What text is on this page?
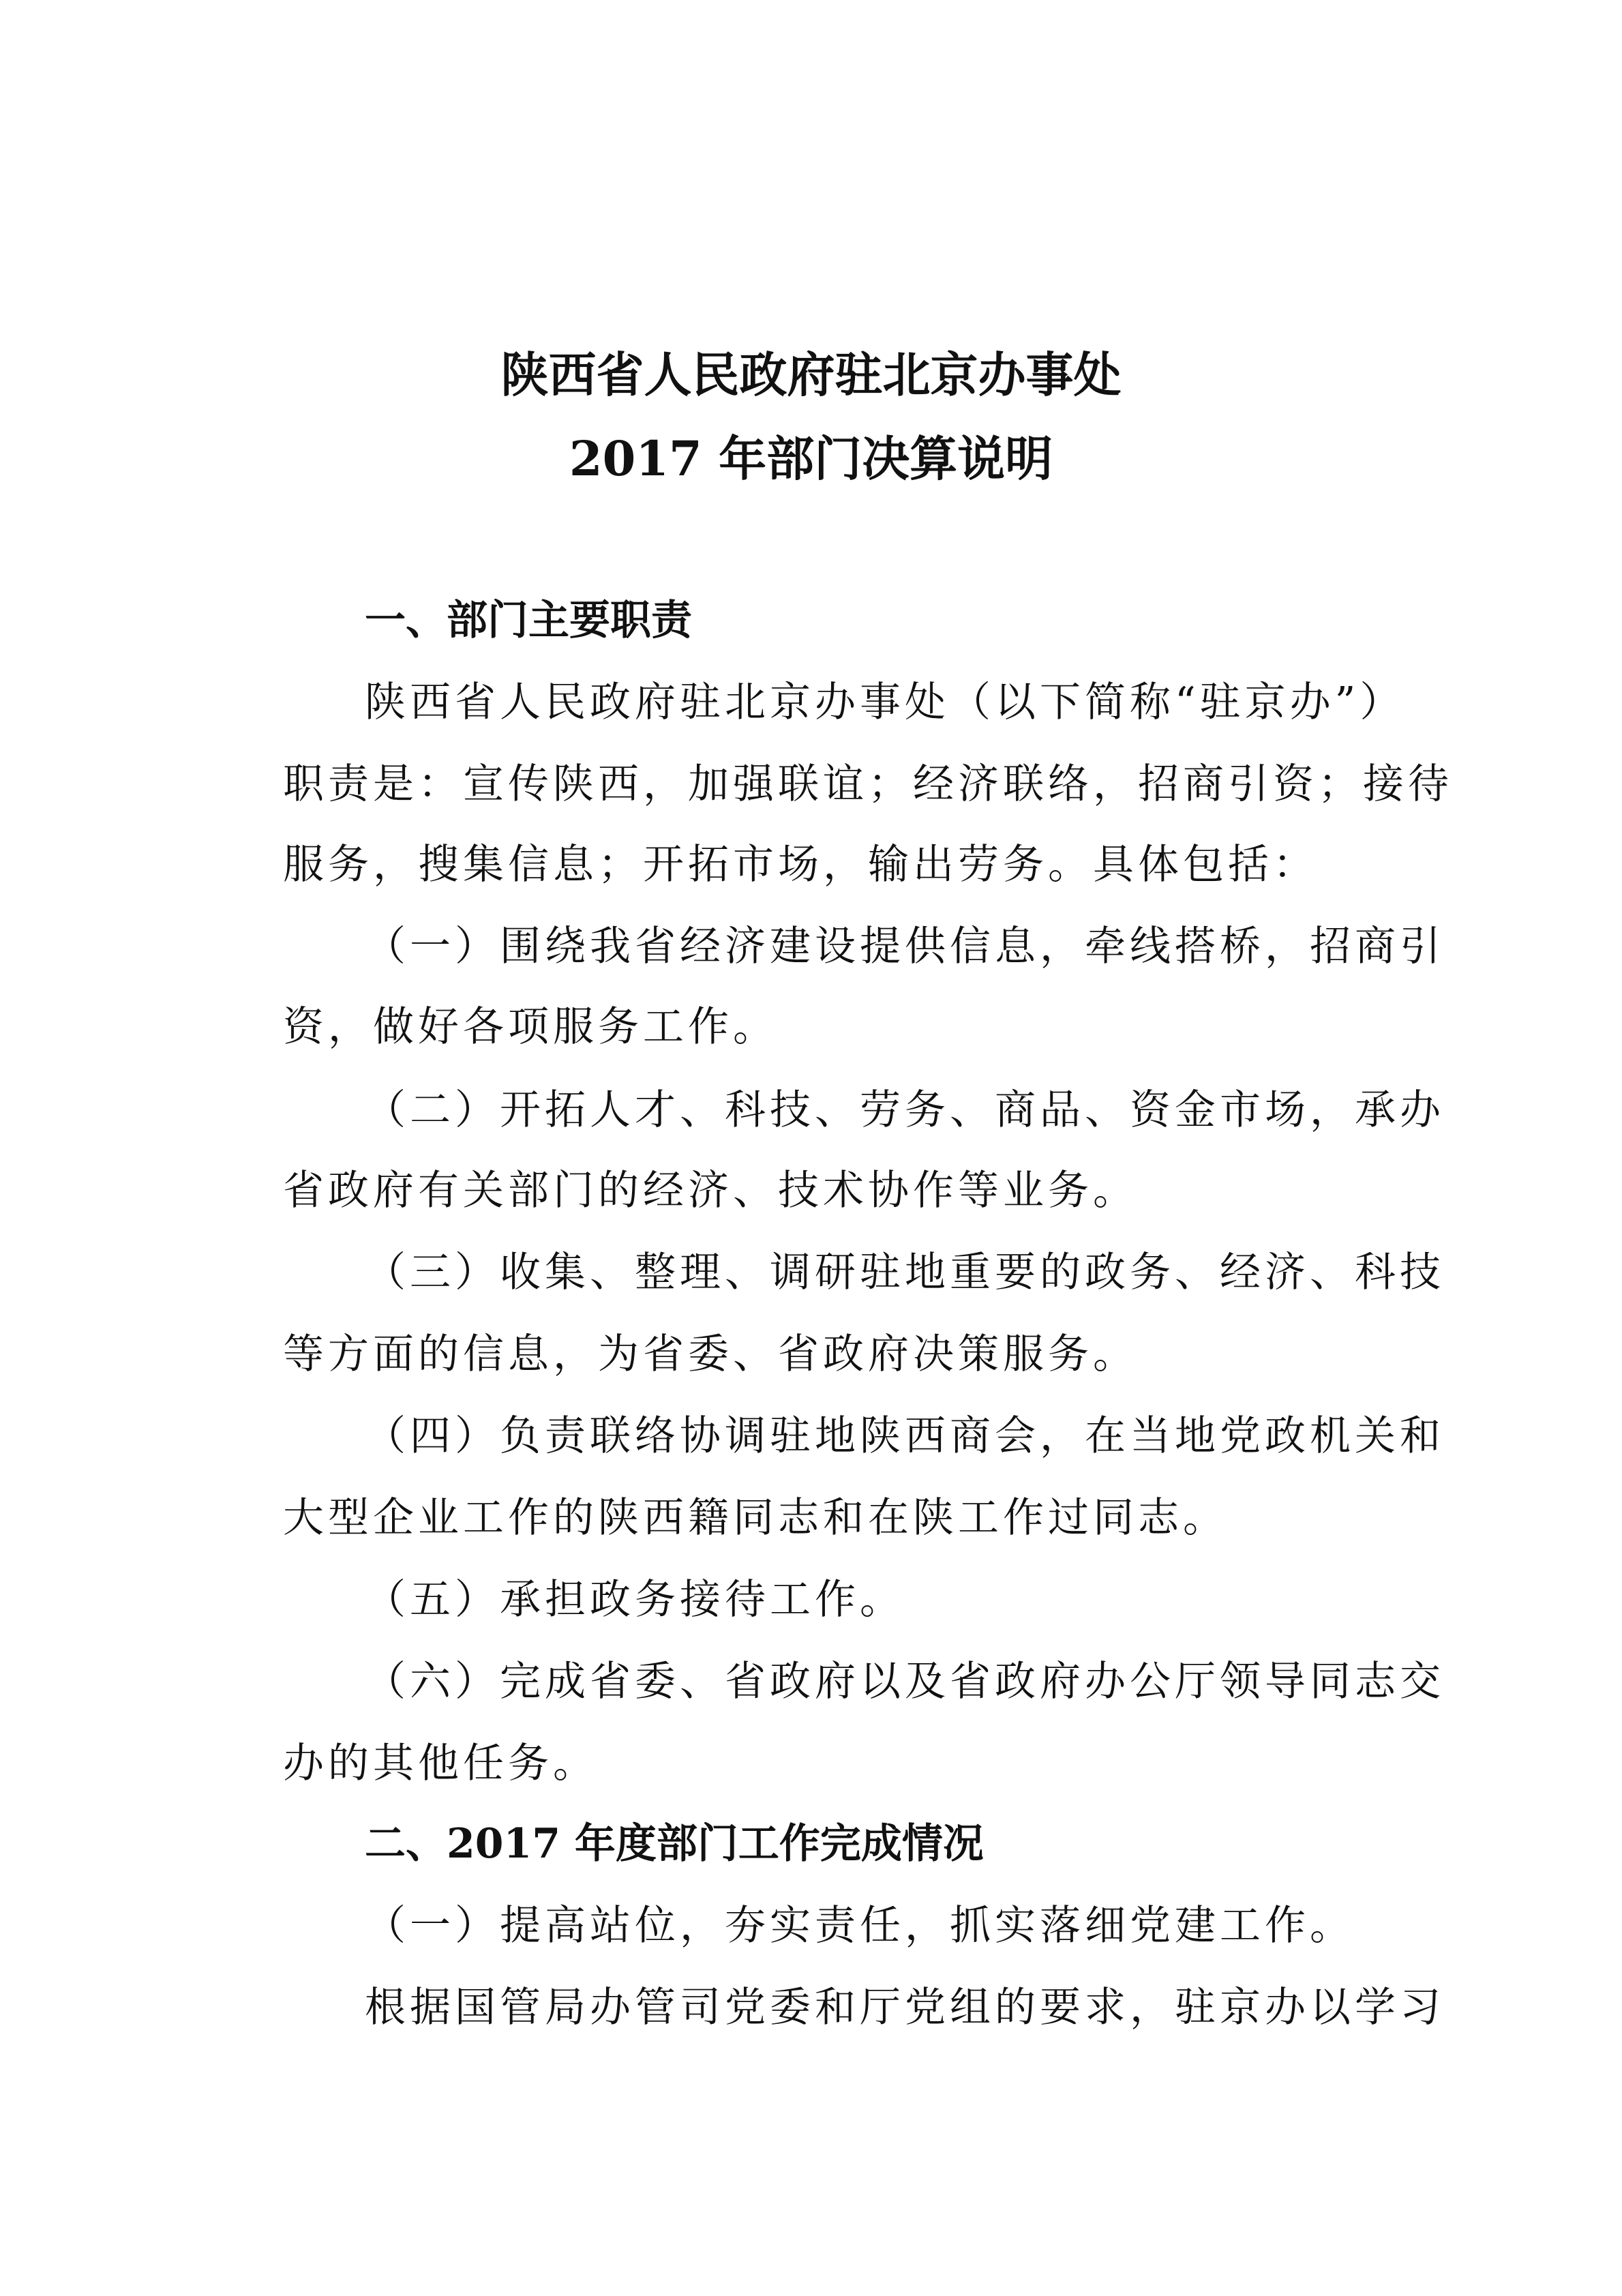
陕西省人民政府驻北京办事处
2017 年部门决算说明
一、部门主要职责
陕西省人民政府驻北京办事处（以下简称“驻京办”）
职责是：宣传陕西，加强联谊；经济联络，招商引资；接待
服务，搜集信息；开拓市场，输出劳务。具体包括：
（一）围绕我省经济建设提供信息，牵线搭桥，招商引
资，做好各项服务工作。
（二）开拓人才、科技、劳务、商品、资金市场，承办
省政府有关部门的经济、技术协作等业务。
（三）收集、整理、调研驻地重要的政务、经济、科技
等方面的信息，为省委、省政府决策服务。
（四）负责联络协调驻地陕西商会，在当地党政机关和
大型企业工作的陕西籍同志和在陕工作过同志。
（五）承担政务接待工作。
（六）完成省委、省政府以及省政府办公厅领导同志交
办的其他任务。
二、2017 年度部门工作完成情况
（一）提高站位，夯实责任，抓实落细党建工作。
根据国管局办管司党委和厅党组的要求，驻京办以学习
